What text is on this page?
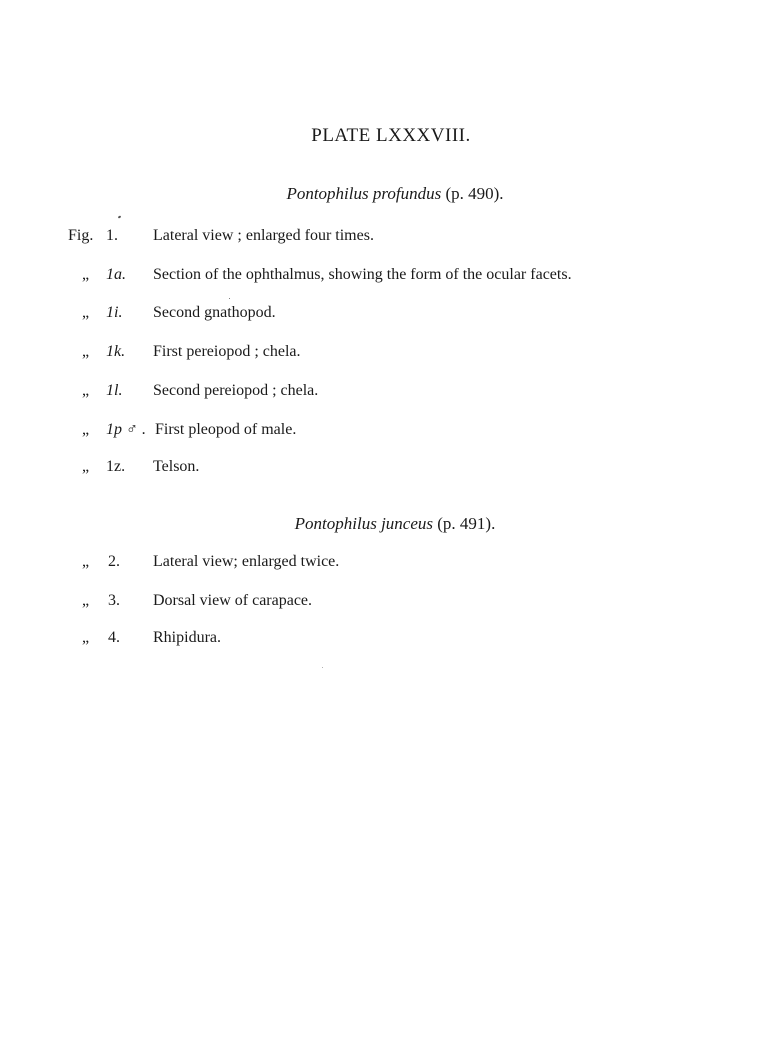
PLATE LXXXVIII.
Pontophilus profundus (p. 490).
Fig. 1. Lateral view ; enlarged four times.
„ 1a. Section of the ophthalmus, showing the form of the ocular facets.
„ 1i. Second gnathopod.
„ 1k. First pereiopod ; chela.
„ 1l. Second pereiopod ; chela.
„ 1p ♂ . First pleopod of male.
„ 1z. Telson.
Pontophilus junceus (p. 491).
„ 2. Lateral view; enlarged twice.
„ 3. Dorsal view of carapace.
„ 4. Rhipidura.
